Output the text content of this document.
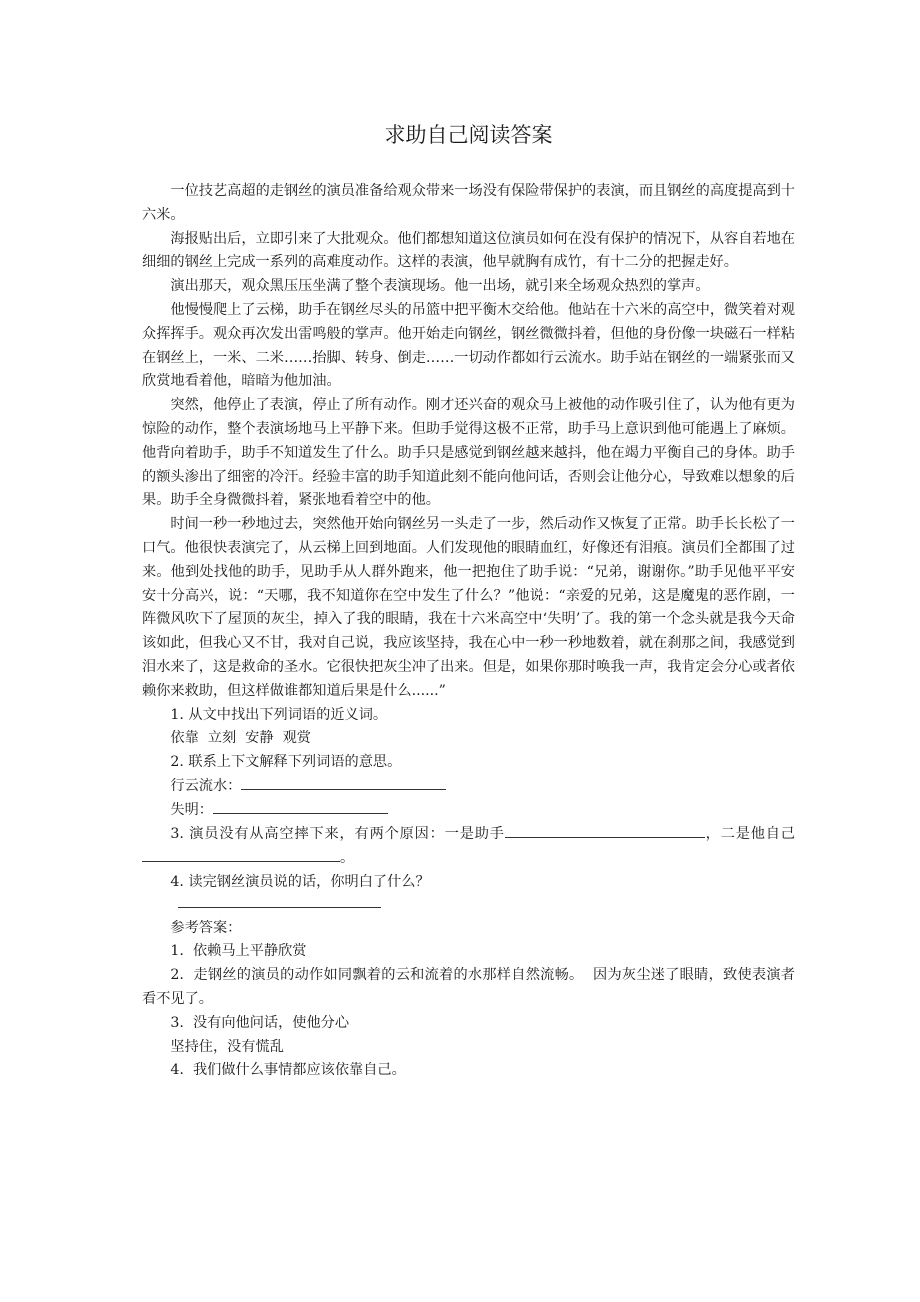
求助自己阅读答案

一位技艺高超的走钢丝的演员准备给观众带来一场没有保险带保护的表演，而且钢丝的高度提高到十六米。

海报贴出后，立即引来了大批观众。他们都想知道这位演员如何在没有保护的情况下，从容自若地在细细的钢丝上完成一系列的高难度动作。这样的表演，他早就胸有成竹，有十二分的把握走好。

演出那天，观众黑压压坐满了整个表演现场。他一出场，就引来全场观众热烈的掌声。

他慢慢爬上了云梯，助手在钢丝尽头的吊篮中把平衡木交给他。他站在十六米的高空中，微笑着对观众挥挥手。观众再次发出雷鸣般的掌声。他开始走向钢丝，钢丝微微抖着，但他的身份像一块磁石一样粘在钢丝上，一米、二米……抬脚、转身、倒走……一切动作都如行云流水。助手站在钢丝的一端紧张而又欣赏地看着他，暗暗为他加油。

突然，他停止了表演，停止了所有动作。刚才还兴奋的观众马上被他的动作吸引住了，认为他有更为惊险的动作，整个表演场地马上平静下来。但助手觉得这极不正常，助手马上意识到他可能遇上了麻烦。他背向着助手，助手不知道发生了什么。助手只是感觉到钢丝越来越抖，他在竭力平衡自己的身体。助手的额头渗出了细密的冷汗。经验丰富的助手知道此刻不能向他问话，否则会让他分心，导致难以想象的后果。助手全身微微抖着，紧张地看着空中的他。

时间一秒一秒地过去，突然他开始向钢丝另一头走了一步，然后动作又恢复了正常。助手长长松了一口气。他很快表演完了，从云梯上回到地面。人们发现他的眼睛血红，好像还有泪痕。演员们全都围了过来。他到处找他的助手，见助手从人群外跑来，他一把抱住了助手说：“兄弟，谢谢你。”助手见他平平安安十分高兴，说：“天哪，我不知道你在空中发生了什么？”他说：“亲爱的兄弟，这是魔鬼的恶作剧，一阵微风吹下了屋顶的灰尘，掉入了我的眼睛，我在十六米高空中‘失明’了。我的第一个念头就是我今天命该如此，但我心又不甘，我对自己说，我应该坚持，我在心中一秒一秒地数着，就在刹那之间，我感觉到泪水来了，这是救命的圣水。它很快把灰尘冲了出来。但是，如果你那时唤我一声，我肯定会分心或者依赖你来救助，但这样做谁都知道后果是什么......”

1. 从文中找出下列词语的近义词。

依靠  立刻  安静  观赏

2. 联系上下文解释下列词语的意思。

行云流水：

失明：

3. 演员没有从高空摔下来，有两个原因：一是助手	，二是他自己。

4. 读完钢丝演员说的话，你明白了什么？

参考答案：

1.  依赖马上平静欣赏

2.  走钢丝的演员的动作如同飘着的云和流着的水那样自然流畅。  因为灰尘迷了眼睛，致使表演者看不见了。

3.  没有向他问话，使他分心

坚持住，没有慌乱

4.  我们做什么事情都应该依靠自己。
